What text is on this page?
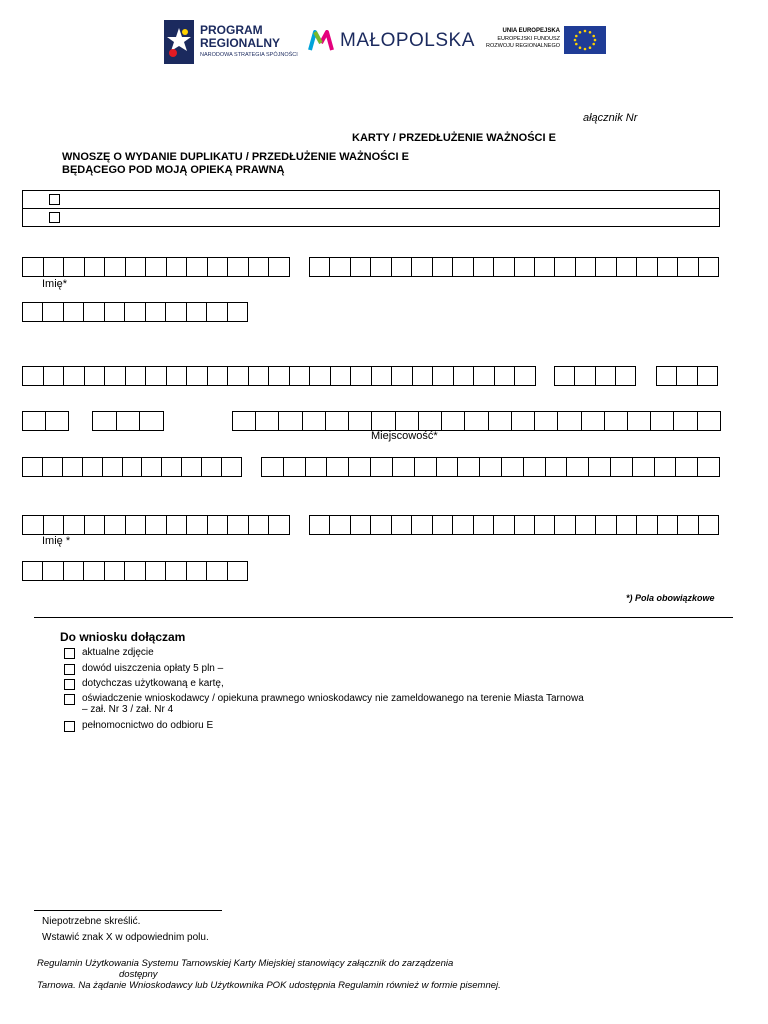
PROGRAM
REGIONALNY
NARODOWA STRATEGIA SPÓJNOŚCI
MAŁOPOLSKA	UNIA EUROPEJSKA
EUROPEJSKI FUNDUSZ
ROZWOJU REGIONALNEGO
ałącznik Nr
KARTY / PRZEDŁUŻENIE WAŻNOŚCI E
WNOSZĘ O WYDANIE DUPLIKATU / PRZEDŁUŻENIE WAŻNOŚCI E
BĘDĄCEGO POD MOJĄ OPIEKĄ PRAWNĄ
Imię*
Miejscowość*
Imię *
*) Pola obowiązkowe
Do wniosku dołączam
aktualne zdjęcie
dowód uiszczenia opłaty 5 pln –
dotychczas użytkowaną e kartę,
oświadczenie wnioskodawcy / opiekuna prawnego wnioskodawcy nie zameldowanego na terenie Miasta Tarnowa
– zał. Nr 3 / zał. Nr 4
pełnomocnictwo do odbioru E
Niepotrzebne skreślić.
Wstawić znak X w odpowiednim polu.
Regulamin Użytkowania Systemu Tarnowskiej Karty Miejskiej stanowiący załącznik do zarządzenia
dostępny
Tarnowa. Na żądanie Wnioskodawcy lub Użytkownika POK udostępnia Regulamin również w formie pisemnej.
